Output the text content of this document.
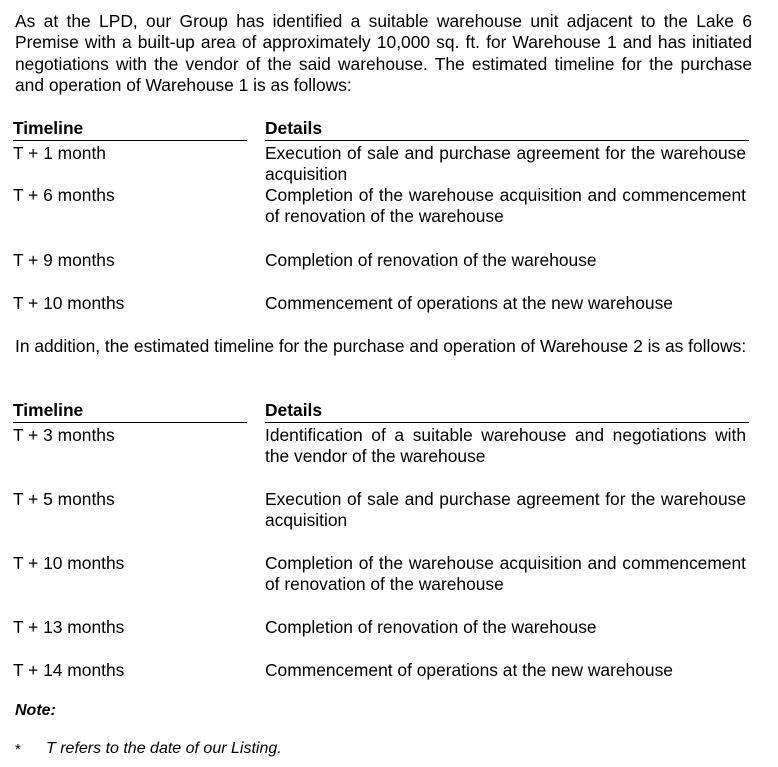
As at the LPD, our Group has identified a suitable warehouse unit adjacent to the Lake 6 Premise with a built-up area of approximately 10,000 sq. ft. for Warehouse 1 and has initiated negotiations with the vendor of the said warehouse. The estimated timeline for the purchase and operation of Warehouse 1 is as follows:

Timeline	Details
T + 1 month	Execution of sale and purchase agreement for the warehouse acquisition
T + 6 months	Completion of the warehouse acquisition and commencement of renovation of the warehouse
T + 9 months	Completion of renovation of the warehouse
T + 10 months	Commencement of operations at the new warehouse

In addition, the estimated timeline for the purchase and operation of Warehouse 2 is as follows:

Timeline	Details
T + 3 months	Identification of a suitable warehouse and negotiations with the vendor of the warehouse
T + 5 months	Execution of sale and purchase agreement for the warehouse acquisition
T + 10 months	Completion of the warehouse acquisition and commencement of renovation of the warehouse
T + 13 months	Completion of renovation of the warehouse
T + 14 months	Commencement of operations at the new warehouse
Note:
* T refers to the date of our Listing.
